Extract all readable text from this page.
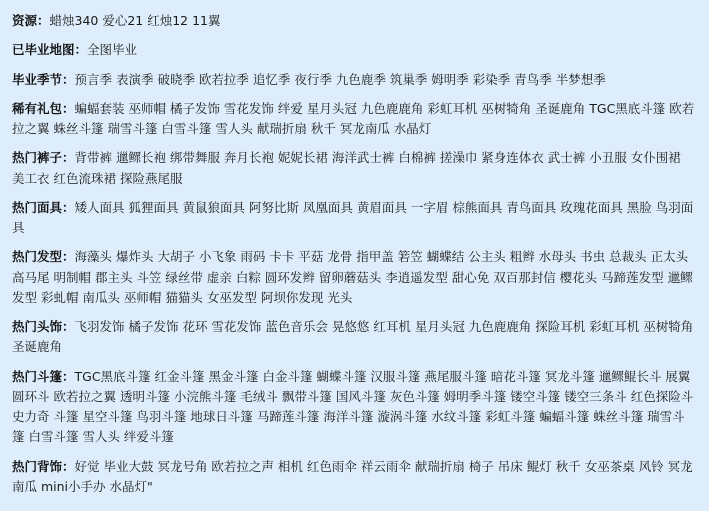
资源：蜡烛340 爱心21 红烛12 11翼
已毕业地图：全图毕业
毕业季节：预言季 表演季 破晓季 欧若拉季 追忆季 夜行季 九色鹿季 筑巢季 姆明季 彩染季 青鸟季 半梦想季
稀有礼包：蝙蝠套装 巫师帽 橘子发饰 雪花发饰 绊爱 星月头冠 九色鹿鹿角 彩虹耳机 巫树犄角 圣诞鹿角 TGC黑底斗篷 欧若拉之翼 蛛丝斗篷 瑞雪斗篷 白雪斗篷 雪人头 献瑞折扇 秋千 冥龙南瓜 水晶灯
热门裤子：背带裤 邋鳏长袍 绑带舞服 奔月长袍 妮妮长裙 海洋武士裤 白棉裤 搓澡巾 紧身连体衣 武士裤 小丑服 女仆围裙 美工衣 红色流珠裙 探险燕尾服
热门面具：矮人面具 狐狸面具 黄鼠狼面具 阿努比斯 凤凰面具 黄眉面具 一字眉 棕熊面具 青鸟面具 玫瑰花面具 黑脸 鸟羽面具
热门发型：海藻头 爆炸头 大胡子 小飞象 雨码 卡卡 平菇 龙骨 指甲盖 箬笠 蝴蝶结 公主头 粗辫 水母头 书虫 总裁头 正太头 高马尾 明制帽 郡主头 斗笠 绿丝带 虚亲 白粽 圆环发辫 留卵蘑菇头 李逍遥发型 甜心免 双百那封信 樱花头 马蹄莲发型 邋鳏发型 彩虬帽 南瓜头 巫师帽 猫猫头 女巫发型 阿坝你发现 光头
热门头饰：飞羽发饰 橘子发饰 花环 雪花发饰 蓝色音乐会 晃悠悠 红耳机 星月头冠 九色鹿鹿角 探险耳机 彩虹耳机 巫树犄角 圣诞鹿角
热门斗篷：TGC黑底斗篷 红金斗篷 黑金斗篷 白金斗篷 蝴蝶斗篷 汉服斗篷 燕尾服斗篷 暗花斗篷 冥龙斗篷 邋鳏鲲长斗 展翼圆环斗 欧若拉之翼 透明斗篷 小浣熊斗篷 毛绒斗 飘带斗篷 国风斗篷 灰色斗篷 姆明季斗篷 镂空斗篷 镂空三条斗 红色探险斗 史力奇 斗篷 星空斗篷 鸟羽斗篷 地球日斗篷 马蹄莲斗篷 海洋斗篷 漩涡斗篷 水纹斗篷 彩虹斗篷 蝙蝠斗篷 蛛丝斗篷 瑞雪斗篷 白雪斗篷 雪人头 绊爱斗篷
热门背饰：好觉 毕业大鼓 冥龙号角 欧若拉之声 相机 红色雨伞 祥云雨伞 献瑞折扇 椅子 吊床 鲲灯 秋千 女巫茶桌 风铃 冥龙南瓜 mini小手办 水晶灯"
